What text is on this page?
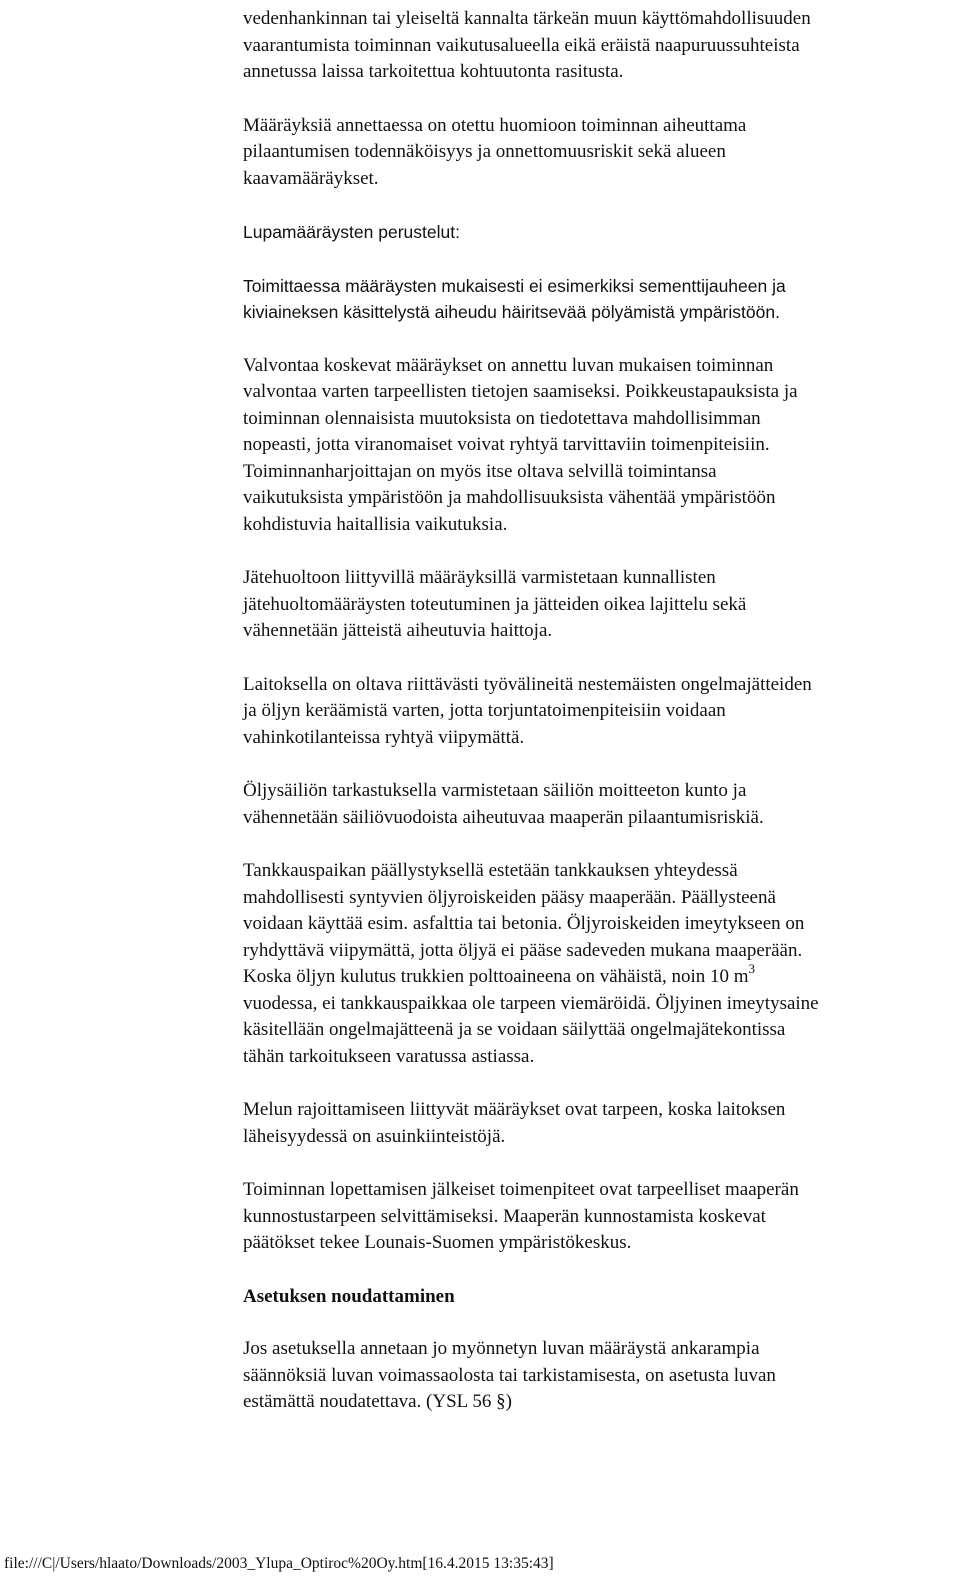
vedenhankinnan tai yleiseltä kannalta tärkeän muun käyttömahdollisuuden
vaarantumista toiminnan vaikutusalueella eikä eräistä naapuruussuhteista
annetussa laissa tarkoitettua kohtuutonta rasitusta.

Määräyksiä annettaessa on otettu huomioon toiminnan aiheuttama
pilaantumisen todennäköisyys ja onnettomuusriskit sekä alueen
kaavamääräykset.

Lupamääräysten perustelut:

Toimittaessa määräysten mukaisesti ei esimerkiksi sementtijauheen ja
kiviaineksen käsittelystä aiheudu häiritsevää pölyämistä ympäristöön.

Valvontaa koskevat määräykset on annettu luvan mukaisen toiminnan
valvontaa varten tarpeellisten tietojen saamiseksi. Poikkeustapauksista ja
toiminnan olennaisista muutoksista on tiedotettava mahdollisimman
nopeasti, jotta viranomaiset voivat ryhtyä tarvittaviin toimenpiteisiin.
Toiminnanharjoittajan on myös itse oltava selvillä toimintansa
vaikutuksista ympäristöön ja mahdollisuuksista vähentää ympäristöön
kohdistuvia haitallisia vaikutuksia.

Jätehuoltoon liittyvillä määräyksillä varmistetaan kunnallisten
jätehuoltomääräysten toteutuminen ja jätteiden oikea lajittelu sekä
vähennetään jätteistä aiheutuvia haittoja.

Laitoksella on oltava riittävästi työvälineitä nestemäisten ongelmajätteiden
ja öljyn keräämistä varten, jotta torjuntatoimenpiteisiin voidaan
vahinkotilanteissa ryhtyä viipymättä.

Öljysäiliön tarkastuksella varmistetaan säiliön moitteeton kunto ja
vähennetään säiliövuodoista aiheutuvaa maaperän pilaantumisriskiä.

Tankkauspaikan päällystyksellä estetään tankkauksen yhteydessä
mahdollisesti syntyvien öljyroiskeiden pääsy maaperään. Päällysteenä
voidaan käyttää esim. asfalttia tai betonia. Öljyroiskeiden imeytykseen on
ryhdyttävä viipymättä, jotta öljyä ei pääse sadeveden mukana maaperään.
Koska öljyn kulutus trukkien polttoaineena on vähäistä, noin 10 $m^3$
vuodessa, ei tankkauspaikkaa ole tarpeen viemäröidä. Öljyinen imeytysaine
käsitellään ongelmajätteenä ja se voidaan säilyttää ongelmajätekontissa
tähän tarkoitukseen varatussa astiassa.

Melun rajoittamiseen liittyvät määräykset ovat tarpeen, koska laitoksen
läheisyydessä on asuinkiinteistöjä.

Toiminnan lopettamisen jälkeiset toimenpiteet ovat tarpeelliset maaperän
kunnostustarpeen selvittämiseksi. Maaperän kunnostamista koskevat
päätökset tekee Lounais-Suomen ympäristökeskus.

Asetuksen noudattaminen

Jos asetuksella annetaan jo myönnetyn luvan määräystä ankarampia
säännöksiä luvan voimassaolosta tai tarkistamisesta, on asetusta luvan
estämättä noudatettava. (YSL 56 §)

file:///C|/Users/hlaato/Downloads/2003_Ylupa_Optiroc%20Oy.htm[16.4.2015 13:35:43]
